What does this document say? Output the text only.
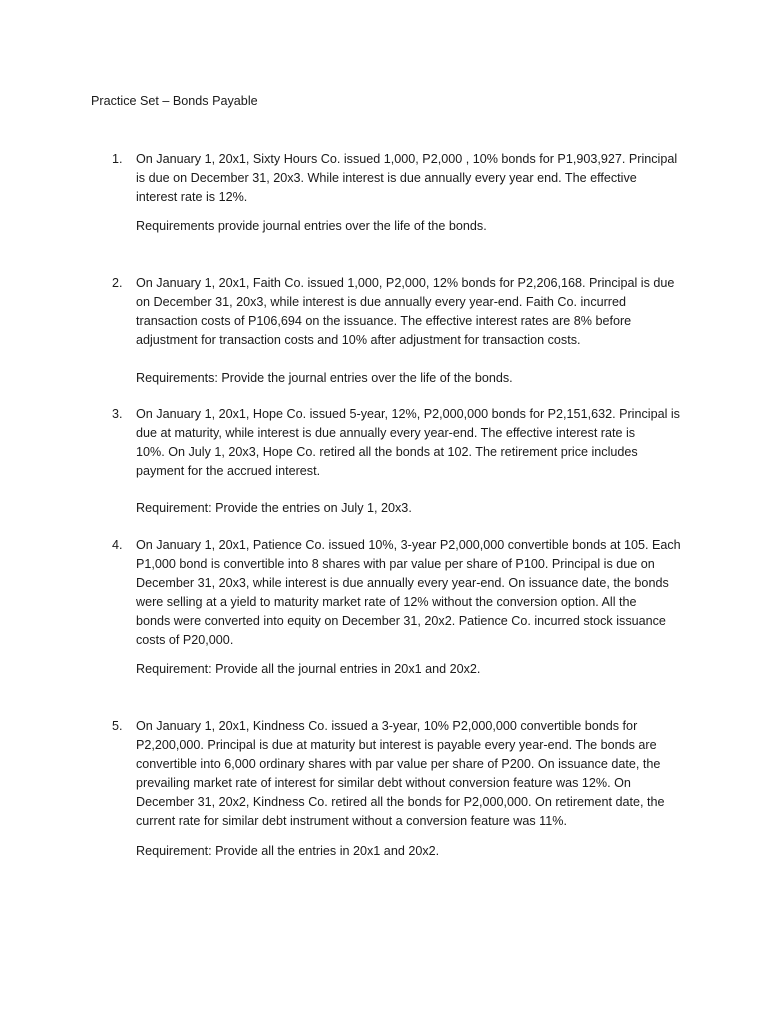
Practice Set – Bonds Payable
1.	On January 1, 20x1, Sixty Hours Co. issued 1,000, P2,000 , 10% bonds for P1,903,927. Principal
is due on December 31, 20x3. While interest is due annually every year end. The effective
interest rate is 12%.
Requirements provide journal entries over the life of the bonds.
2.	On January 1, 20x1, Faith Co. issued 1,000, P2,000, 12% bonds for P2,206,168. Principal is due
on December 31, 20x3, while interest is due annually every year-end. Faith Co. incurred
transaction costs of P106,694 on the issuance. The effective interest rates are 8% before
adjustment for transaction costs and 10% after adjustment for transaction costs.
Requirements: Provide the journal entries over the life of the bonds.
3.	On January 1, 20x1, Hope Co. issued 5-year, 12%, P2,000,000 bonds for P2,151,632. Principal is
due at maturity, while interest is due annually every year-end. The effective interest rate is
10%. On July 1, 20x3, Hope Co. retired all the bonds at 102. The retirement price includes
payment for the accrued interest.
Requirement: Provide the entries on July 1, 20x3.
4.	On January 1, 20x1, Patience Co. issued 10%, 3-year P2,000,000 convertible bonds at 105. Each
P1,000 bond is convertible into 8 shares with par value per share of P100. Principal is due on
December 31, 20x3, while interest is due annually every year-end. On issuance date, the bonds
were selling at a yield to maturity market rate of 12% without the conversion option. All the
bonds were converted into equity on December 31, 20x2. Patience Co. incurred stock issuance
costs of P20,000.
Requirement: Provide all the journal entries in 20x1 and 20x2.
5.	On January 1, 20x1, Kindness Co. issued a 3-year, 10% P2,000,000 convertible bonds for
P2,200,000. Principal is due at maturity but interest is payable every year-end. The bonds are
convertible into 6,000 ordinary shares with par value per share of P200. On issuance date, the
prevailing market rate of interest for similar debt without conversion feature was 12%. On
December 31, 20x2, Kindness Co. retired all the bonds for P2,000,000. On retirement date, the
current rate for similar debt instrument without a conversion feature was 11%.
Requirement: Provide all the entries in 20x1 and 20x2.
